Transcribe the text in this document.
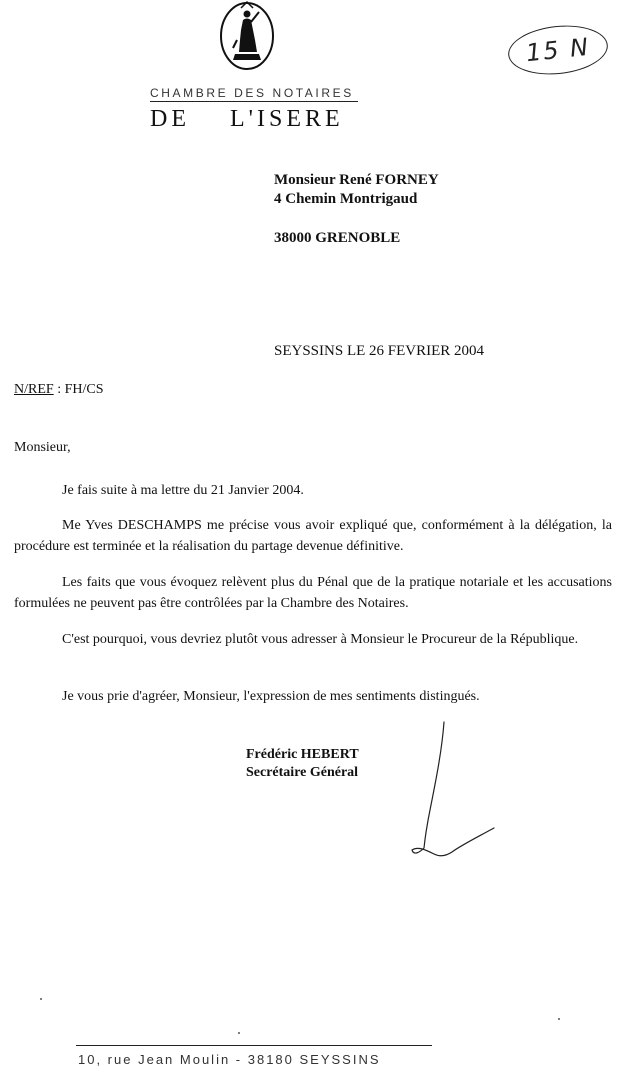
CHAMBRE DES NOTAIRES
DE    L'ISERE
15 N
Monsieur René FORNEY
4 Chemin Montrigaud
38000 GRENOBLE
SEYSSINS LE 26 FEVRIER 2004
N/REF : FH/CS
Monsieur,
Je fais suite à ma lettre du 21 Janvier 2004.
Me Yves DESCHAMPS me précise vous avoir expliqué que, conformément à la délégation, la procédure est terminée et la réalisation du partage devenue définitive.
Les faits que vous évoquez relèvent plus du Pénal que de la pratique notariale et les accusations formulées ne peuvent pas être contrôlées par la Chambre des Notaires.
C'est pourquoi, vous devriez plutôt vous adresser à Monsieur le Procureur de la République.
Je vous prie d'agréer, Monsieur, l'expression de mes sentiments distingués.
Frédéric HEBERT
Secrétaire Général
10, rue Jean Moulin - 38180 SEYSSINS
